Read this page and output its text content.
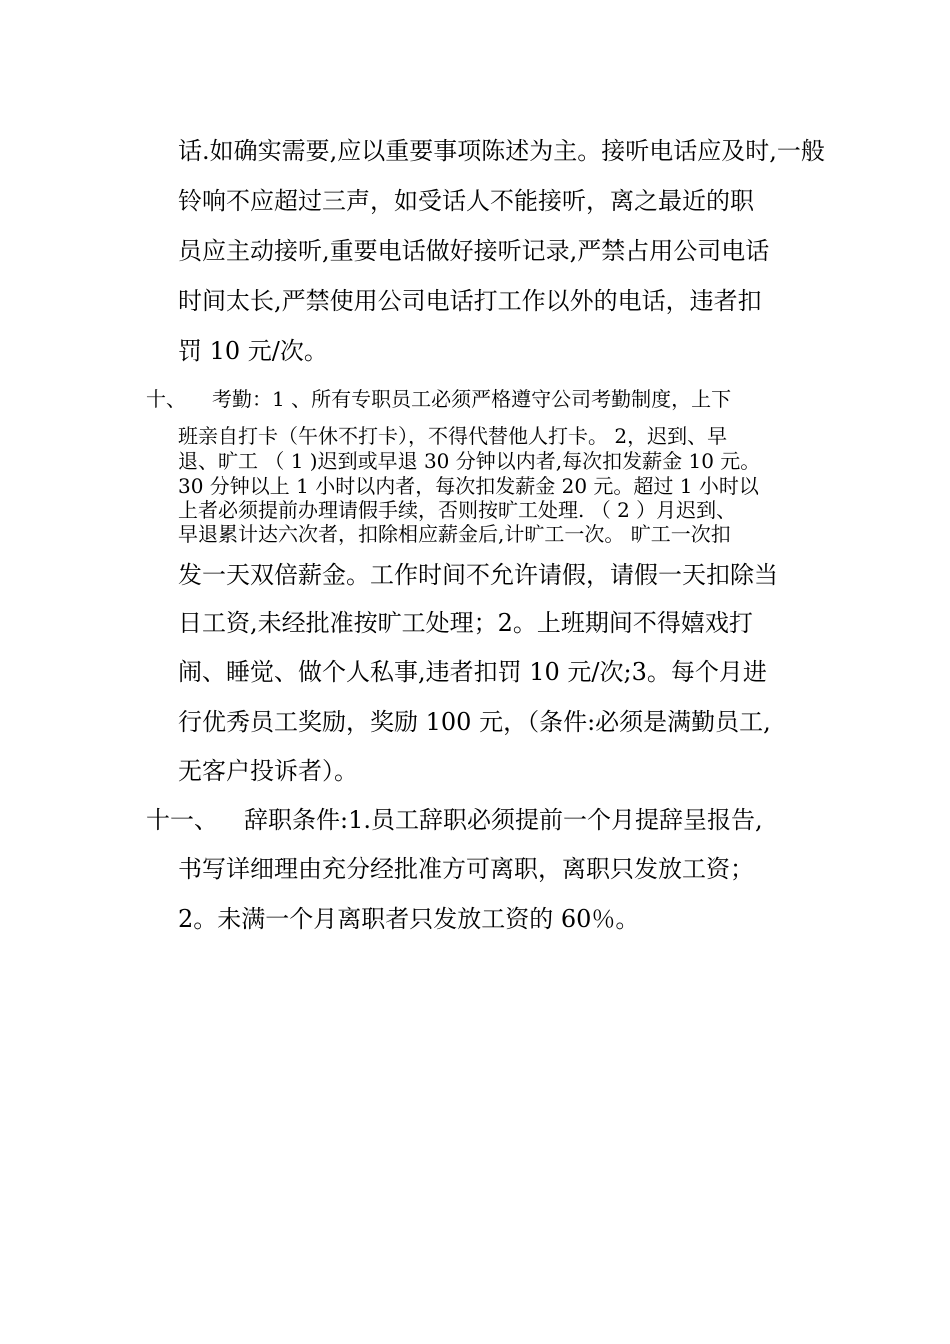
话.如确实需要,应以重要事项陈述为主。接听电话应及时,一般
铃响不应超过三声，如受话人不能接听，离之最近的职
员应主动接听,重要电话做好接听记录,严禁占用公司电话
时间太长,严禁使用公司电话打工作以外的电话，违者扣
罚 10 元/次。
十、 考勤：1 、所有专职员工必须严格遵守公司考勤制度，上下
班亲自打卡（午休不打卡），不得代替他人打卡。 2，迟到、早
退、旷工 （ 1 )迟到或早退 30 分钟以内者,每次扣发薪金 10 元。
30 分钟以上 1 小时以内者，每次扣发薪金 20 元。超过 1 小时以
上者必须提前办理请假手续，否则按旷工处理. （ 2 ）月迟到、
早退累计达六次者，扣除相应薪金后,计旷工一次。 旷工一次扣
发一天双倍薪金。工作时间不允许请假，请假一天扣除当
日工资,未经批准按旷工处理；2。上班期间不得嬉戏打
闹、睡觉、做个人私事,违者扣罚 10 元/次;3。每个月进
行优秀员工奖励，奖励 100 元，（条件:必须是满勤员工,
无客户投诉者）。
十一、 辞职条件:1.员工辞职必须提前一个月提辞呈报告,
书写详细理由充分经批准方可离职，离职只发放工资；
2。未满一个月离职者只发放工资的 60％。
